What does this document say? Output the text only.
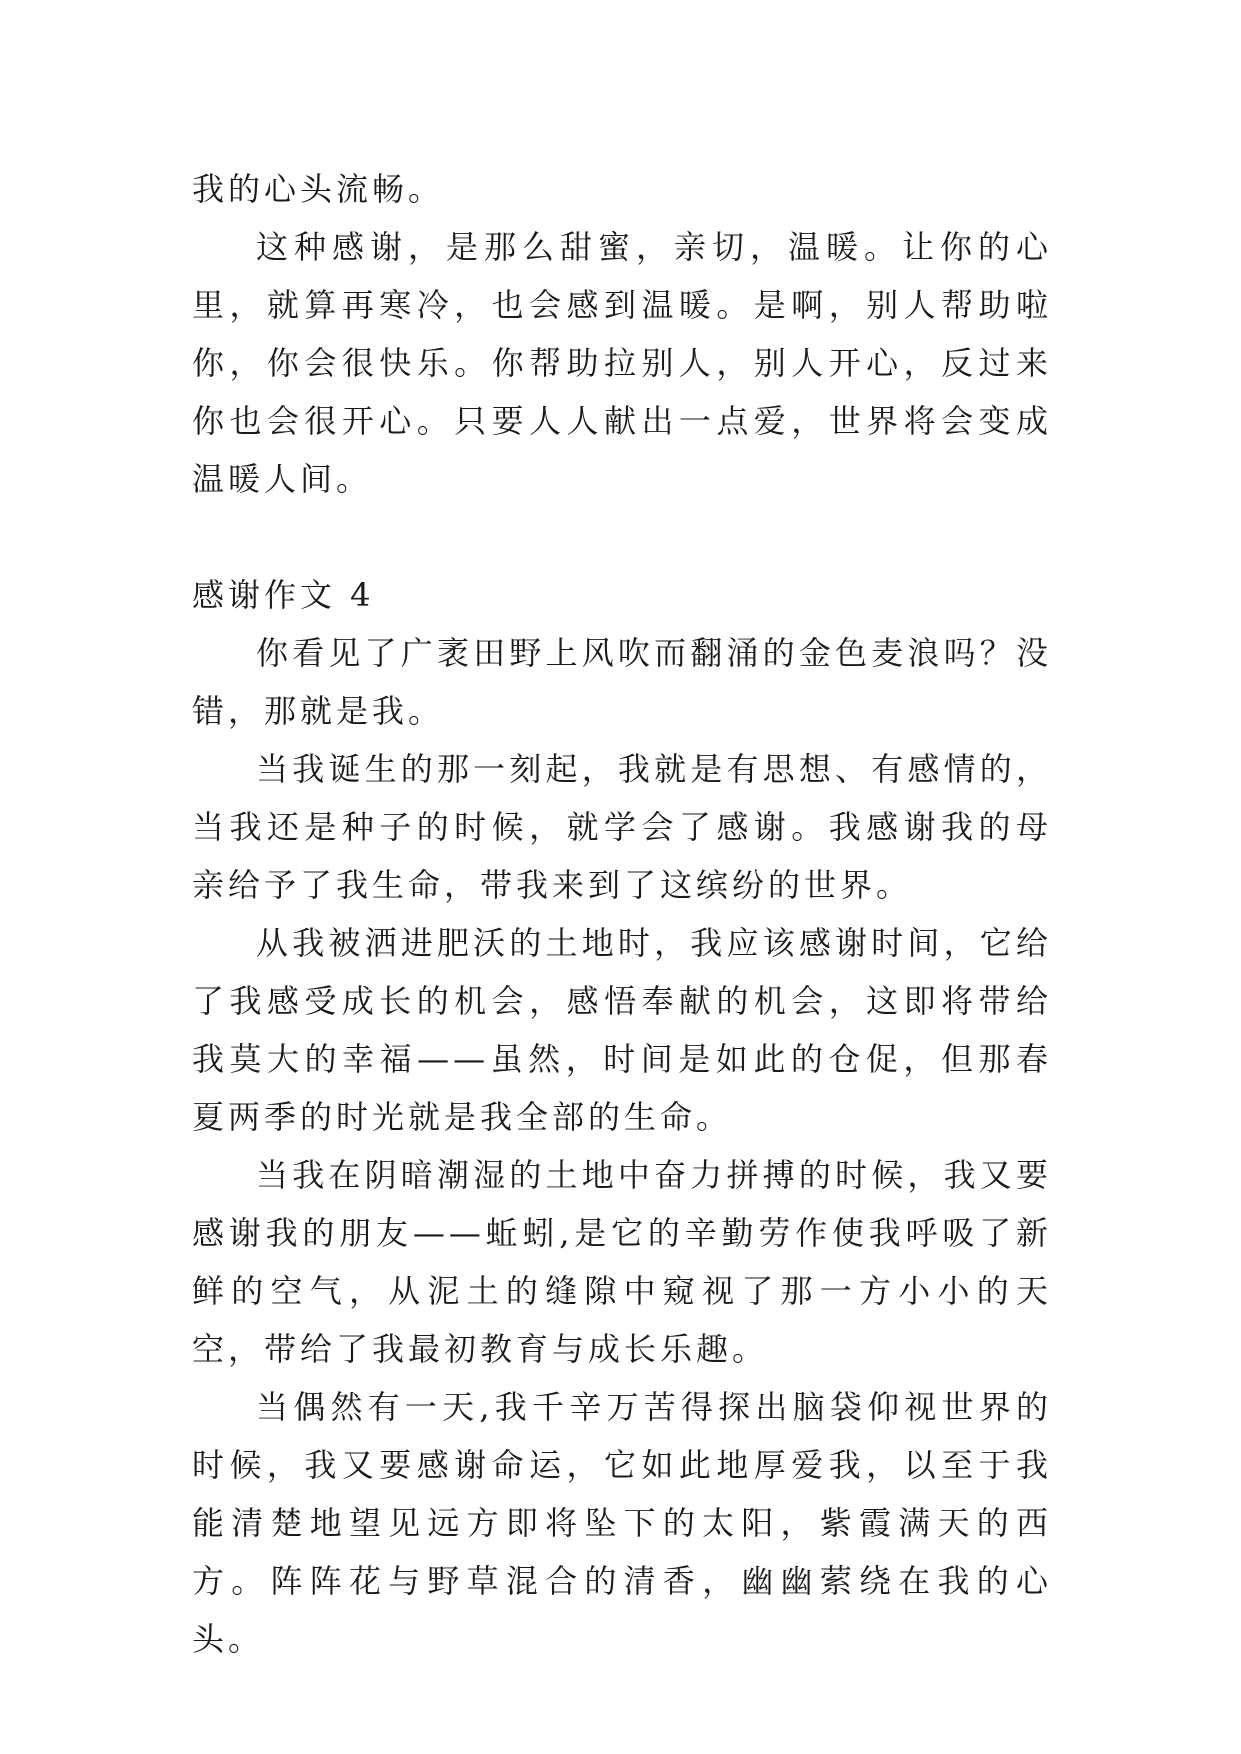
我的心头流畅。

这种感谢，是那么甜蜜，亲切，温暖。让你的心里，就算再寒冷，也会感到温暖。是啊，别人帮助啦你，你会很快乐。你帮助拉别人，别人开心，反过来你也会很开心。只要人人献出一点爱，世界将会变成温暖人间。

感谢作文 4

你看见了广袤田野上风吹而翻涌的金色麦浪吗？没错，那就是我。

当我诞生的那一刻起，我就是有思想、有感情的，当我还是种子的时候，就学会了感谢。我感谢我的母亲给予了我生命，带我来到了这缤纷的世界。

从我被洒进肥沃的土地时，我应该感谢时间，它给了我感受成长的机会，感悟奉献的机会，这即将带给我莫大的幸福——虽然，时间是如此的仓促，但那春夏两季的时光就是我全部的生命。

当我在阴暗潮湿的土地中奋力拼搏的时候，我又要感谢我的朋友——蚯蚓,是它的辛勤劳作使我呼吸了新鲜的空气，从泥土的缝隙中窥视了那一方小小的天空，带给了我最初教育与成长乐趣。

当偶然有一天,我千辛万苦得探出脑袋仰视世界的时候，我又要感谢命运，它如此地厚爱我，以至于我能清楚地望见远方即将坠下的太阳，紫霞满天的西方。阵阵花与野草混合的清香，幽幽萦绕在我的心头。
